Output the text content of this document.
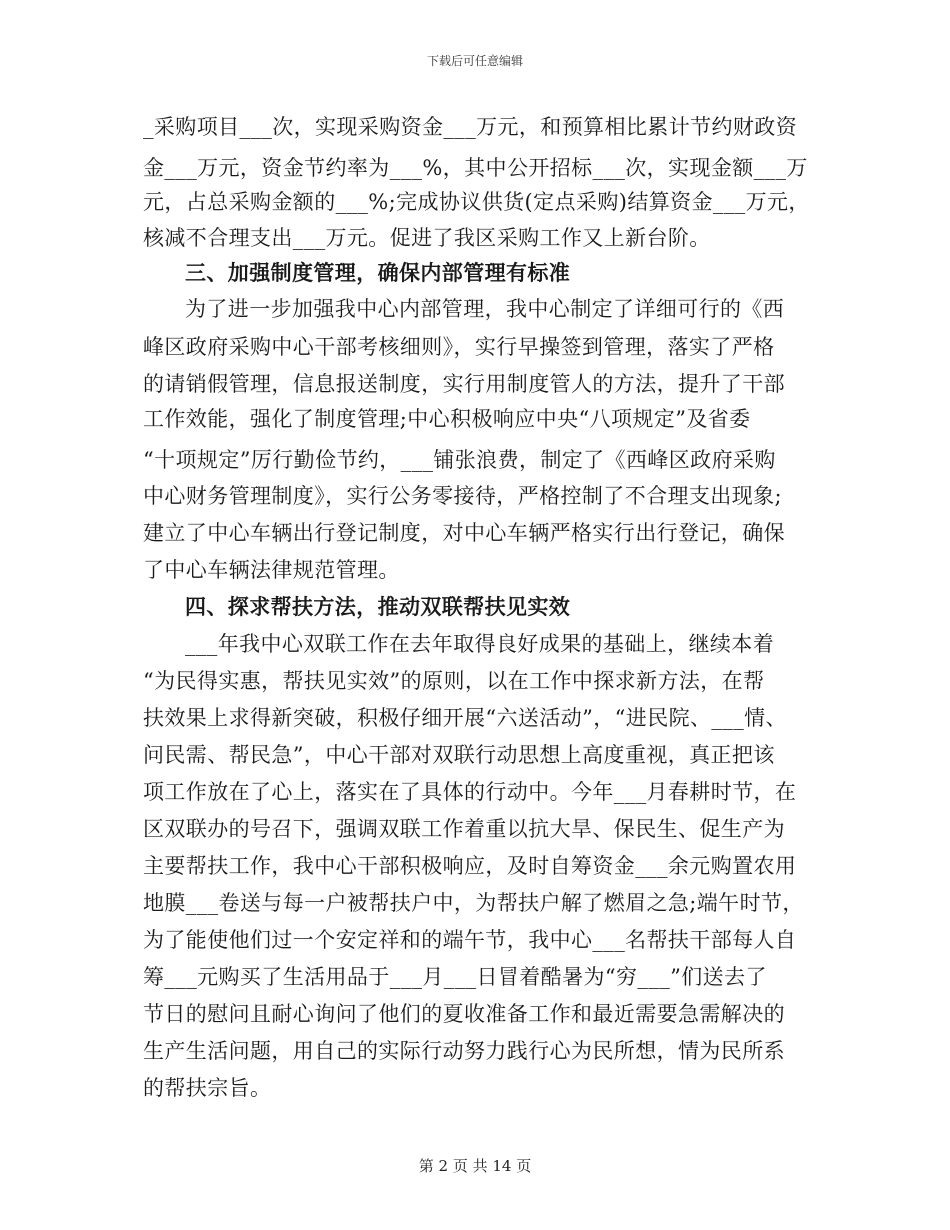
下载后可任意编辑
_采购项目___次，实现采购资金___万元，和预算相比累计节约财政资
金___万元，资金节约率为___%，其中公开招标___次，实现金额___万
元，占总采购金额的___%;完成协议供货(定点采购)结算资金___万元，
核减不合理支出___万元。促进了我区采购工作又上新台阶。
三、加强制度管理，确保内部管理有标准
为了进一步加强我中心内部管理，我中心制定了详细可行的《西
峰区政府采购中心干部考核细则》，实行早操签到管理，落实了严格
的请销假管理，信息报送制度，实行用制度管人的方法，提升了干部
工作效能，强化了制度管理;中心积极响应中央“八项规定”及省委
“十项规定”厉行勤俭节约，___铺张浪费，制定了《西峰区政府采购
中心财务管理制度》，实行公务零接待，严格控制了不合理支出现象;
建立了中心车辆出行登记制度，对中心车辆严格实行出行登记，确保
了中心车辆法律规范管理。
四、探求帮扶方法，推动双联帮扶见实效
___年我中心双联工作在去年取得良好成果的基础上，继续本着
“为民得实惠，帮扶见实效”的原则，以在工作中探求新方法，在帮
扶效果上求得新突破，积极仔细开展“六送活动”，“进民院、___情、
问民需、帮民急”，中心干部对双联行动思想上高度重视，真正把该
项工作放在了心上，落实在了具体的行动中。今年___月春耕时节，在
区双联办的号召下，强调双联工作着重以抗大旱、保民生、促生产为
主要帮扶工作，我中心干部积极响应，及时自筹资金___余元购置农用
地膜___卷送与每一户被帮扶户中，为帮扶户解了燃眉之急;端午时节，
为了能使他们过一个安定祥和的端午节，我中心___名帮扶干部每人自
筹___元购买了生活用品于___月___日冒着酷暑为“穷___”们送去了
节日的慰问且耐心询问了他们的夏收准备工作和最近需要急需解决的
生产生活问题，用自己的实际行动努力践行心为民所想，情为民所系
的帮扶宗旨。
第 2 页 共 14 页
